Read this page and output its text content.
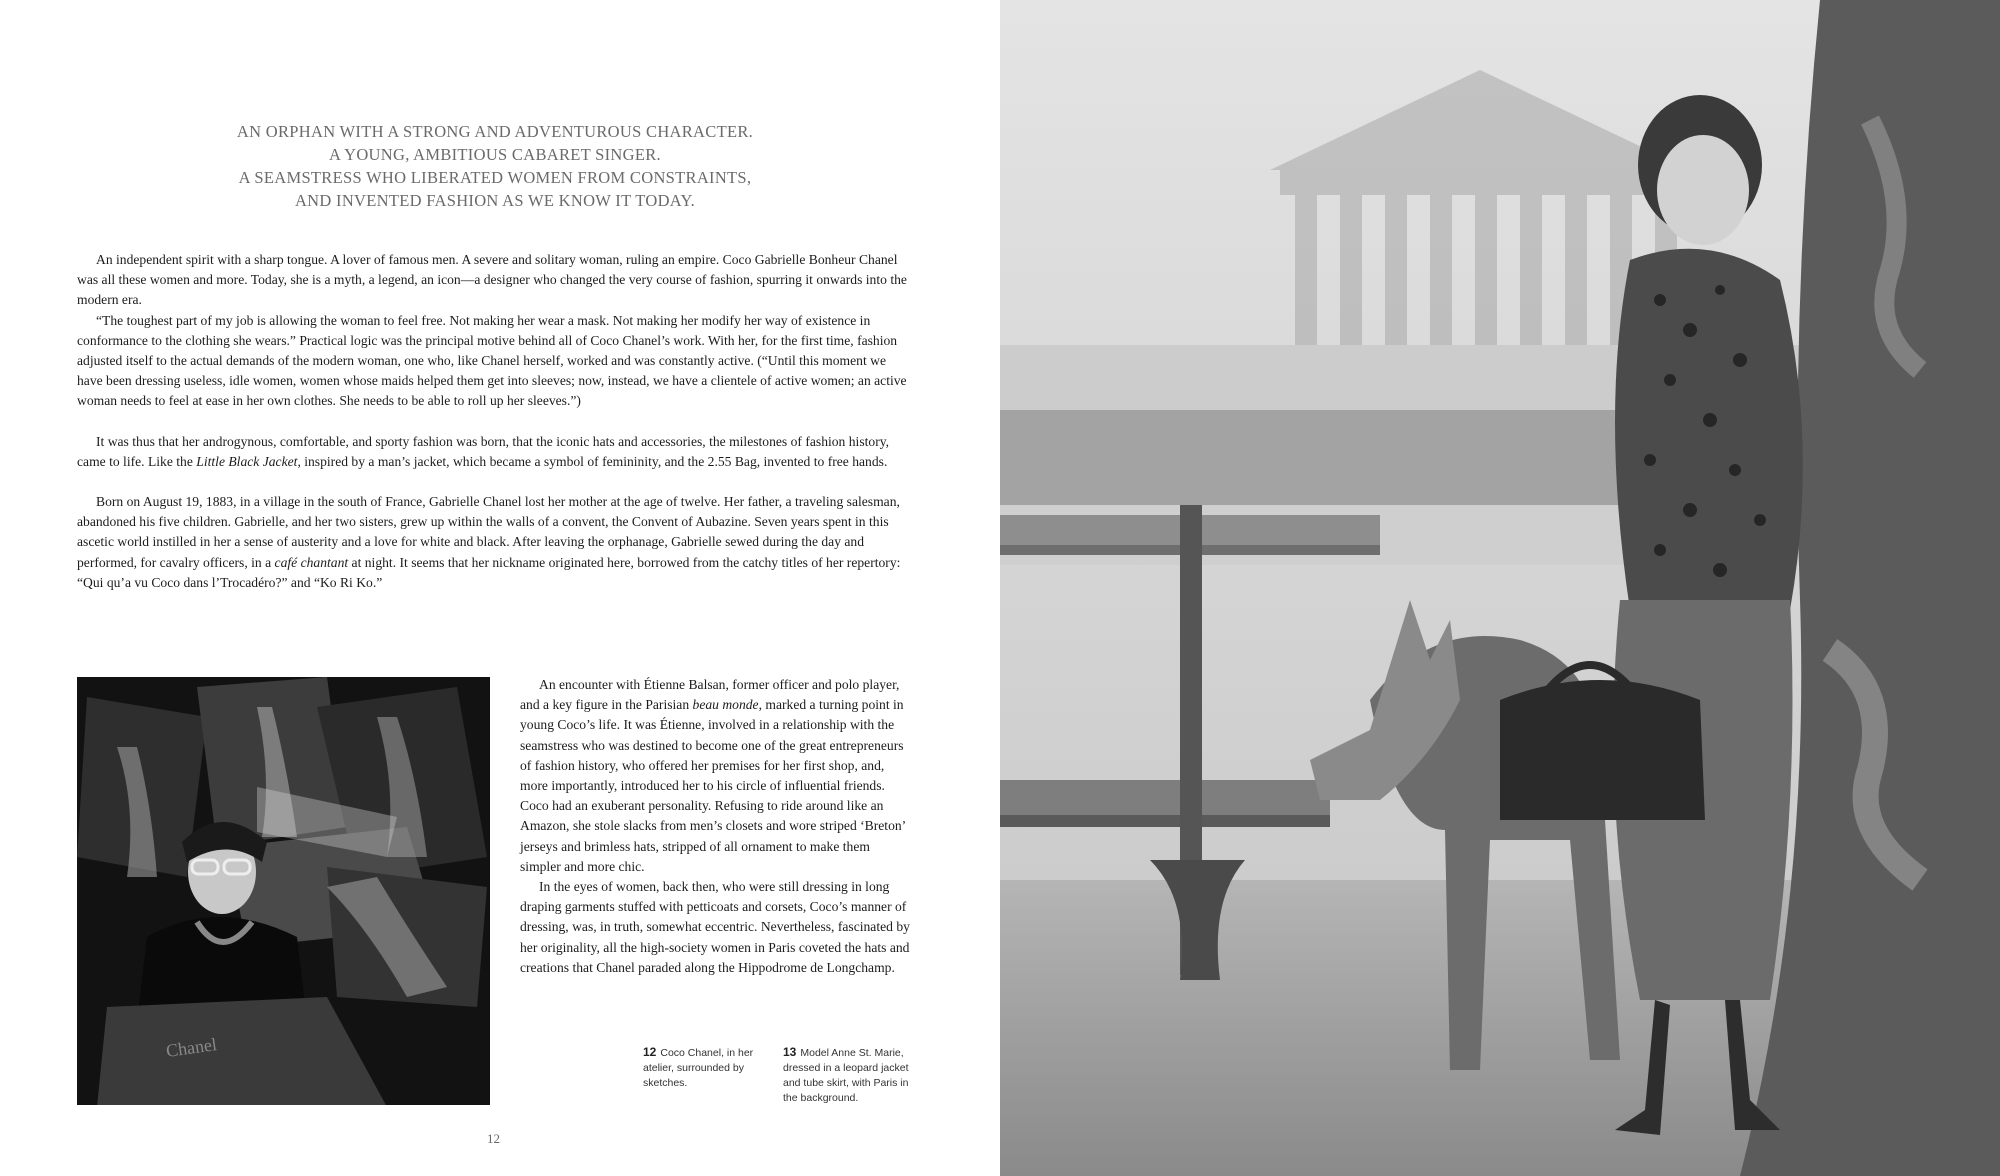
AN ORPHAN WITH A STRONG AND ADVENTUROUS CHARACTER.
A YOUNG, AMBITIOUS CABARET SINGER.
A SEAMSTRESS WHO LIBERATED WOMEN FROM CONSTRAINTS,
AND INVENTED FASHION AS WE KNOW IT TODAY.

An independent spirit with a sharp tongue. A lover of famous men. A severe and solitary woman, ruling an empire. Coco Gabrielle Bonheur Chanel was all these women and more. Today, she is a myth, a legend, an icon—a designer who changed the very course of fashion, spurring it onwards into the modern era.

“The toughest part of my job is allowing the woman to feel free. Not making her wear a mask. Not making her modify her way of existence in conformance to the clothing she wears.” Practical logic was the principal motive behind all of Coco Chanel’s work. With her, for the first time, fashion adjusted itself to the actual demands of the modern woman, one who, like Chanel herself, worked and was constantly active. (“Until this moment we have been dressing useless, idle women, women whose maids helped them get into sleeves; now, instead, we have a clientele of active women; an active woman needs to feel at ease in her own clothes. She needs to be able to roll up her sleeves.”)

It was thus that her androgynous, comfortable, and sporty fashion was born, that the iconic hats and accessories, the milestones of fashion history, came to life. Like the Little Black Jacket, inspired by a man’s jacket, which became a symbol of femininity, and the 2.55 Bag, invented to free hands.

Born on August 19, 1883, in a village in the south of France, Gabrielle Chanel lost her mother at the age of twelve. Her father, a traveling salesman, abandoned his five children. Gabrielle, and her two sisters, grew up within the walls of a convent, the Convent of Aubazine. Seven years spent in this ascetic world instilled in her a sense of austerity and a love for white and black. After leaving the orphanage, Gabrielle sewed during the day and performed, for cavalry officers, in a café chantant at night. It seems that her nickname originated here, borrowed from the catchy titles of her repertory: “Qui qu’a vu Coco dans l’Trocadéro?” and “Ko Ri Ko.”

Chanel

An encounter with Étienne Balsan, former officer and polo player, and a key figure in the Parisian beau monde, marked a turning point in young Coco’s life. It was Étienne, involved in a relationship with the seamstress who was destined to become one of the great entrepreneurs of fashion history, who offered her premises for her first shop, and, more importantly, introduced her to his circle of influential friends. Coco had an exuberant personality. Refusing to ride around like an Amazon, she stole slacks from men’s closets and wore striped ‘Breton’ jerseys and brimless hats, stripped of all ornament to make them simpler and more chic.

In the eyes of women, back then, who were still dressing in long draping garments stuffed with petticoats and corsets, Coco’s manner of dressing, was, in truth, somewhat eccentric. Nevertheless, fascinated by her originality, all the high-society women in Paris coveted the hats and creations that Chanel paraded along the Hippodrome de Longchamp.

12 Coco Chanel, in her atelier, surrounded by sketches.
13 Model Anne St. Marie, dressed in a leopard jacket and tube skirt, with Paris in the background.
12
